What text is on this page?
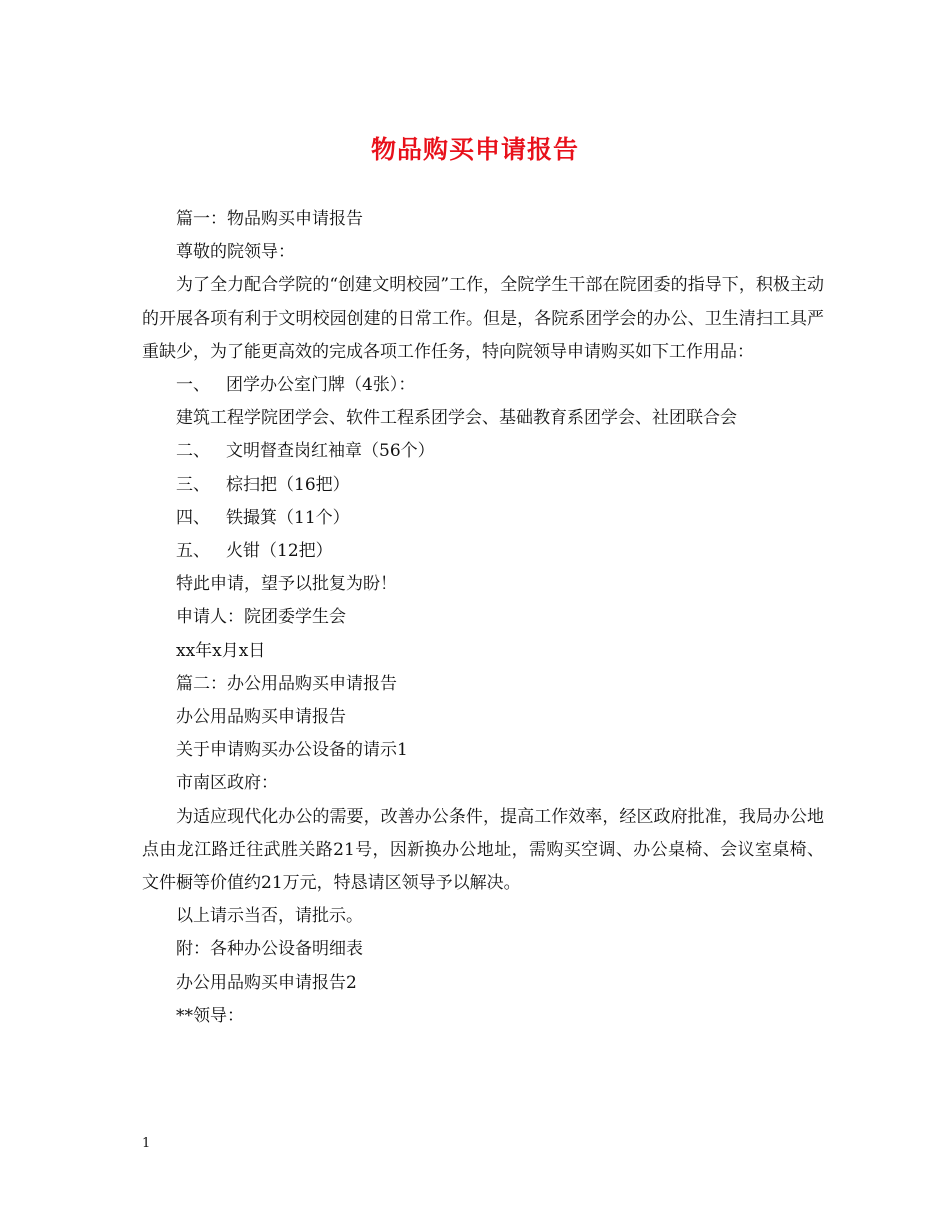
物品购买申请报告
篇一：物品购买申请报告
尊敬的院领导：
为了全力配合学院的“创建文明校园”工作，全院学生干部在院团委的指导下，积极主动的开展各项有利于文明校园创建的日常工作。但是，各院系团学会的办公、卫生清扫工具严重缺少，为了能更高效的完成各项工作任务，特向院领导申请购买如下工作用品：
一、 团学办公室门牌（4张）：
建筑工程学院团学会、软件工程系团学会、基础教育系团学会、社团联合会
二、 文明督查岗红袖章（56个）
三、 棕扫把（16把）
四、 铁撮箕（11个）
五、 火钳（12把）
特此申请，望予以批复为盼！
申请人：院团委学生会
xx年x月x日
篇二：办公用品购买申请报告
办公用品购买申请报告
关于申请购买办公设备的请示1
市南区政府：
为适应现代化办公的需要，改善办公条件，提高工作效率，经区政府批准，我局办公地点由龙江路迁往武胜关路21号，因新换办公地址，需购买空调、办公桌椅、会议室桌椅、文件橱等价值约21万元，特恳请区领导予以解决。
以上请示当否，请批示。
附：各种办公设备明细表
办公用品购买申请报告2
**领导：
1
